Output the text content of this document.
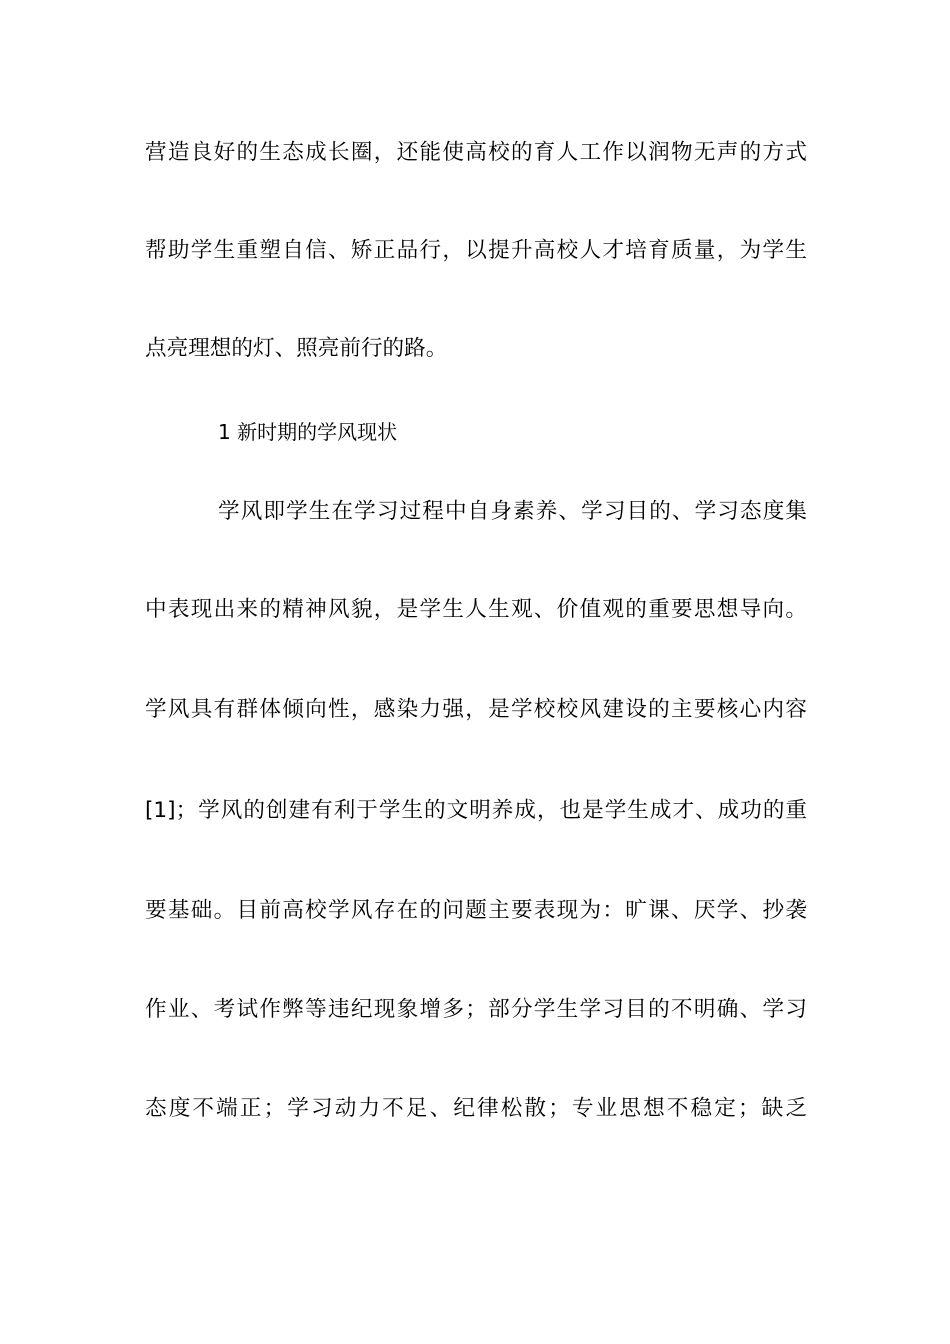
营造良好的生态成长圈，还能使高校的育人工作以润物无声的方式
帮助学生重塑自信、矫正品行，以提升高校人才培育质量，为学生
点亮理想的灯、照亮前行的路。
1 新时期的学风现状
学风即学生在学习过程中自身素养、学习目的、学习态度集
中表现出来的精神风貌，是学生人生观、价值观的重要思想导向。
学风具有群体倾向性，感染力强，是学校校风建设的主要核心内容
[1]；学风的创建有利于学生的文明养成，也是学生成才、成功的重
要基础。目前高校学风存在的问题主要表现为：旷课、厌学、抄袭
作业、考试作弊等违纪现象增多；部分学生学习目的不明确、学习
态度不端正；学习动力不足、纪律松散；专业思想不稳定；缺乏
